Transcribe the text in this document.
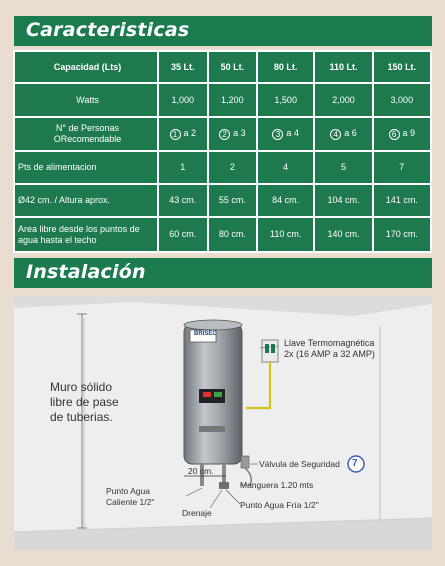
Caracteristicas
Capacidad (Lts)	35 Lt.	50 Lt.	80 Lt.	110 Lt.	150 Lt.
Watts	1,000	1,200	1,500	2,000	3,000
N° de Personas
ORecomendable	1 a 2	2 a 3	3 a 4	4 a 6	6 a 9
Pts de alimentacion	1	2	4	5	7
Ø42 cm. / Altura aprox.	43 cm.	55 cm.	84 cm.	104 cm.	141 cm.
Area libre desde los puntos de
agua hasta el techo	60 cm.	80 cm.	110 cm.	140 cm.	170 cm.
Instalación
BRISEC
Muro sólido
libre de pase
de tuberias.
Llave Termomagnética
2x (16 AMP a 32 AMP)
Válvula de Seguridad 7
20 cm.
Manguera 1.20 mts
Punto Agua
Caliente 1/2"	Punto Agua Fría 1/2"
Drenaje
